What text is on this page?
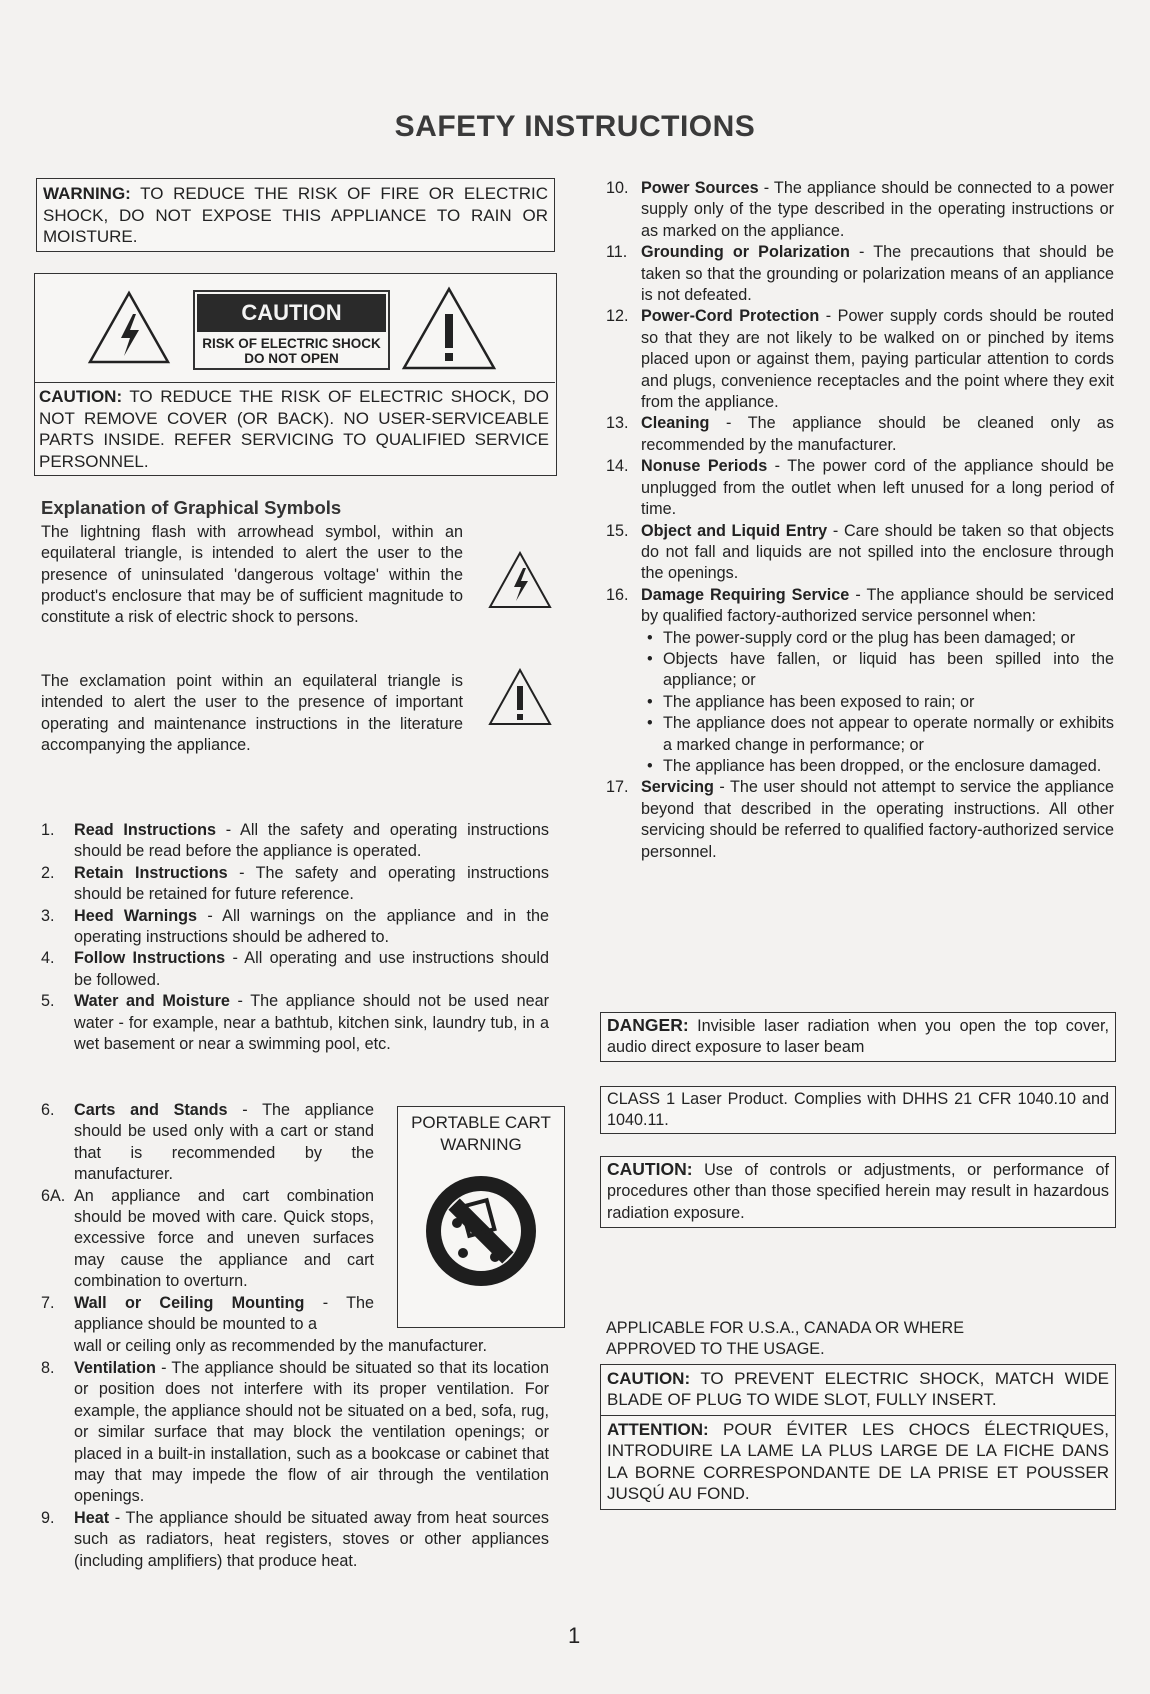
SAFETY INSTRUCTIONS
WARNING: TO REDUCE THE RISK OF FIRE OR ELECTRIC SHOCK, DO NOT EXPOSE THIS APPLIANCE TO RAIN OR MOISTURE.
CAUTION
RISK OF ELECTRIC SHOCK
DO NOT OPEN
CAUTION: TO REDUCE THE RISK OF ELECTRIC SHOCK, DO NOT REMOVE COVER (OR BACK). NO USER-SERVICEABLE PARTS INSIDE. REFER SERVICING TO QUALIFIED SERVICE PERSONNEL.
Explanation of Graphical Symbols
The lightning flash with arrowhead symbol, within an equilateral triangle, is intended to alert the user to the presence of uninsulated 'dangerous voltage' within the product's enclosure that may be of sufficient magnitude to constitute a risk of electric shock to persons.
The exclamation point within an equilateral triangle is intended to alert the user to the presence of important operating and maintenance instructions in the literature accompanying the appliance.
1. Read Instructions - All the safety and operating instructions should be read before the appliance is operated.
2. Retain Instructions - The safety and operating instructions should be retained for future reference.
3. Heed Warnings - All warnings on the appliance and in the operating instructions should be adhered to.
4. Follow Instructions - All operating and use instructions should be followed.
5. Water and Moisture - The appliance should not be used near water - for example, near a bathtub, kitchen sink, laundry tub, in a wet basement or near a swimming pool, etc.
6. Carts and Stands - The appliance should be used only with a cart or stand that is recommended by the manufacturer.
6A. An appliance and cart combination should be moved with care. Quick stops, excessive force and uneven surfaces may cause the appliance and cart combination to overturn.
7. Wall or Ceiling Mounting - The appliance should be mounted to a
wall or ceiling only as recommended by the manufacturer.
PORTABLE CART
WARNING
8. Ventilation - The appliance should be situated so that its location or position does not interfere with its proper ventilation. For example, the appliance should not be situated on a bed, sofa, rug, or similar surface that may block the ventilation openings; or placed in a built-in installation, such as a bookcase or cabinet that may that may impede the flow of air through the ventilation openings.
9. Heat - The appliance should be situated away from heat sources such as radiators, heat registers, stoves or other appliances (including amplifiers) that produce heat.
10. Power Sources - The appliance should be connected to a power supply only of the type described in the operating instructions or as marked on the appliance.
11. Grounding or Polarization - The precautions that should be taken so that the grounding or polarization means of an appliance is not defeated.
12. Power-Cord Protection - Power supply cords should be routed so that they are not likely to be walked on or pinched by items placed upon or against them, paying particular attention to cords and plugs, convenience receptacles and the point where they exit from the appliance.
13. Cleaning - The appliance should be cleaned only as recommended by the manufacturer.
14. Nonuse Periods - The power cord of the appliance should be unplugged from the outlet when left unused for a long period of time.
15. Object and Liquid Entry - Care should be taken so that objects do not fall and liquids are not spilled into the enclosure through the openings.
16. Damage Requiring Service - The appliance should be serviced by qualified factory-authorized service personnel when:
• The power-supply cord or the plug has been damaged; or
• Objects have fallen, or liquid has been spilled into the appliance; or
• The appliance has been exposed to rain; or
• The appliance does not appear to operate normally or exhibits a marked change in performance; or
• The appliance has been dropped, or the enclosure damaged.
17. Servicing - The user should not attempt to service the appliance beyond that described in the operating instructions. All other servicing should be referred to qualified factory-authorized service personnel.
DANGER: Invisible laser radiation when you open the top cover, audio direct exposure to laser beam
CLASS 1 Laser Product. Complies with DHHS 21 CFR 1040.10 and 1040.11.
CAUTION: Use of controls or adjustments, or performance of procedures other than those specified herein may result in hazardous radiation exposure.
APPLICABLE FOR U.S.A., CANADA OR WHERE APPROVED TO THE USAGE.
CAUTION: TO PREVENT ELECTRIC SHOCK, MATCH WIDE BLADE OF PLUG TO WIDE SLOT, FULLY INSERT.
ATTENTION: POUR ÉVITER LES CHOCS ÉLECTRIQUES, INTRODUIRE LA LAME LA PLUS LARGE DE LA FICHE DANS LA BORNE CORRESPONDANTE DE LA PRISE ET POUSSER JUSQÚ AU FOND.
1
